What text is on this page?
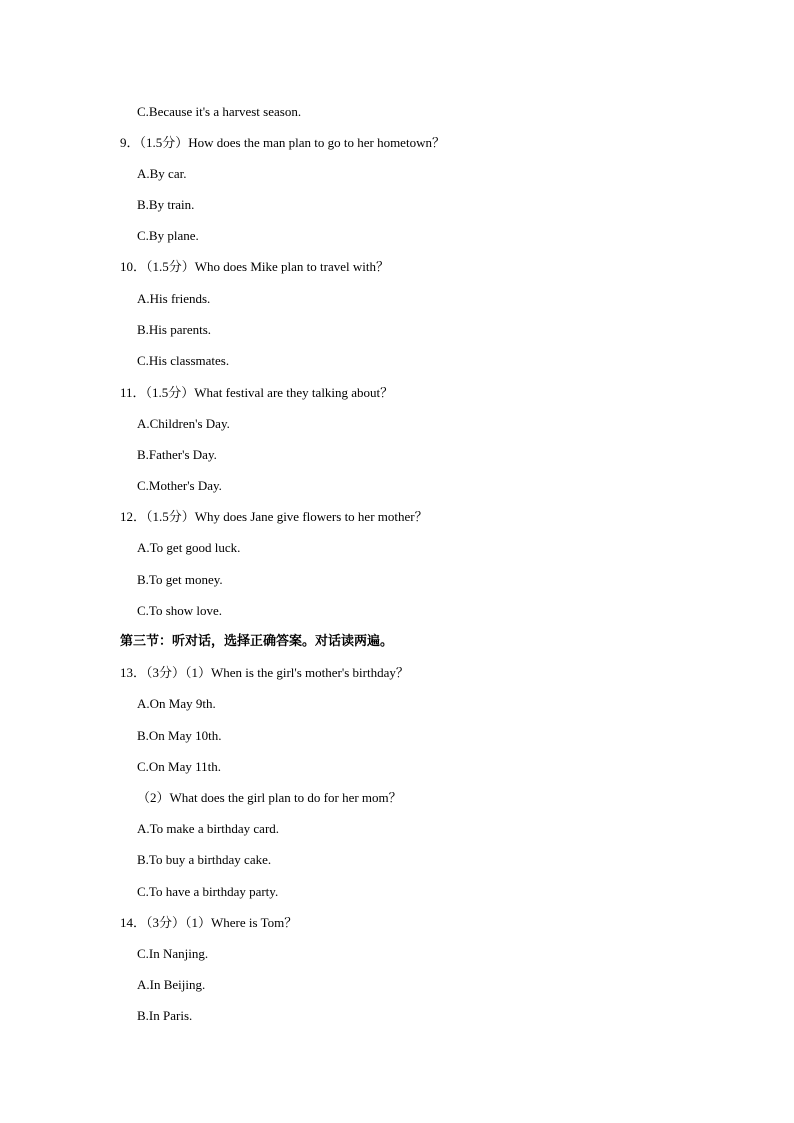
C.Because it's a harvest season.
9．（1.5分）How does the man plan to go to her hometown？
A.By car.
B.By train.
C.By plane.
10．（1.5分）Who does Mike plan to travel with？
A.His friends.
B.His parents.
C.His classmates.
11．（1.5分）What festival are they talking about？
A.Children's Day.
B.Father's Day.
C.Mother's Day.
12．（1.5分）Why does Jane give flowers to her mother？
A.To get good luck.
B.To get money.
C.To show love.
第三节：听对话，选择正确答案。对话读两遍。
13．（3分）（1）When is the girl's mother's birthday？
A.On May 9th.
B.On May 10th.
C.On May 11th.
（2）What does the girl plan to do for her mom？
A.To make a birthday card.
B.To buy a birthday cake.
C.To have a birthday party.
14．（3分）（1）Where is Tom？
C.In Nanjing.
A.In Beijing.
B.In Paris.
